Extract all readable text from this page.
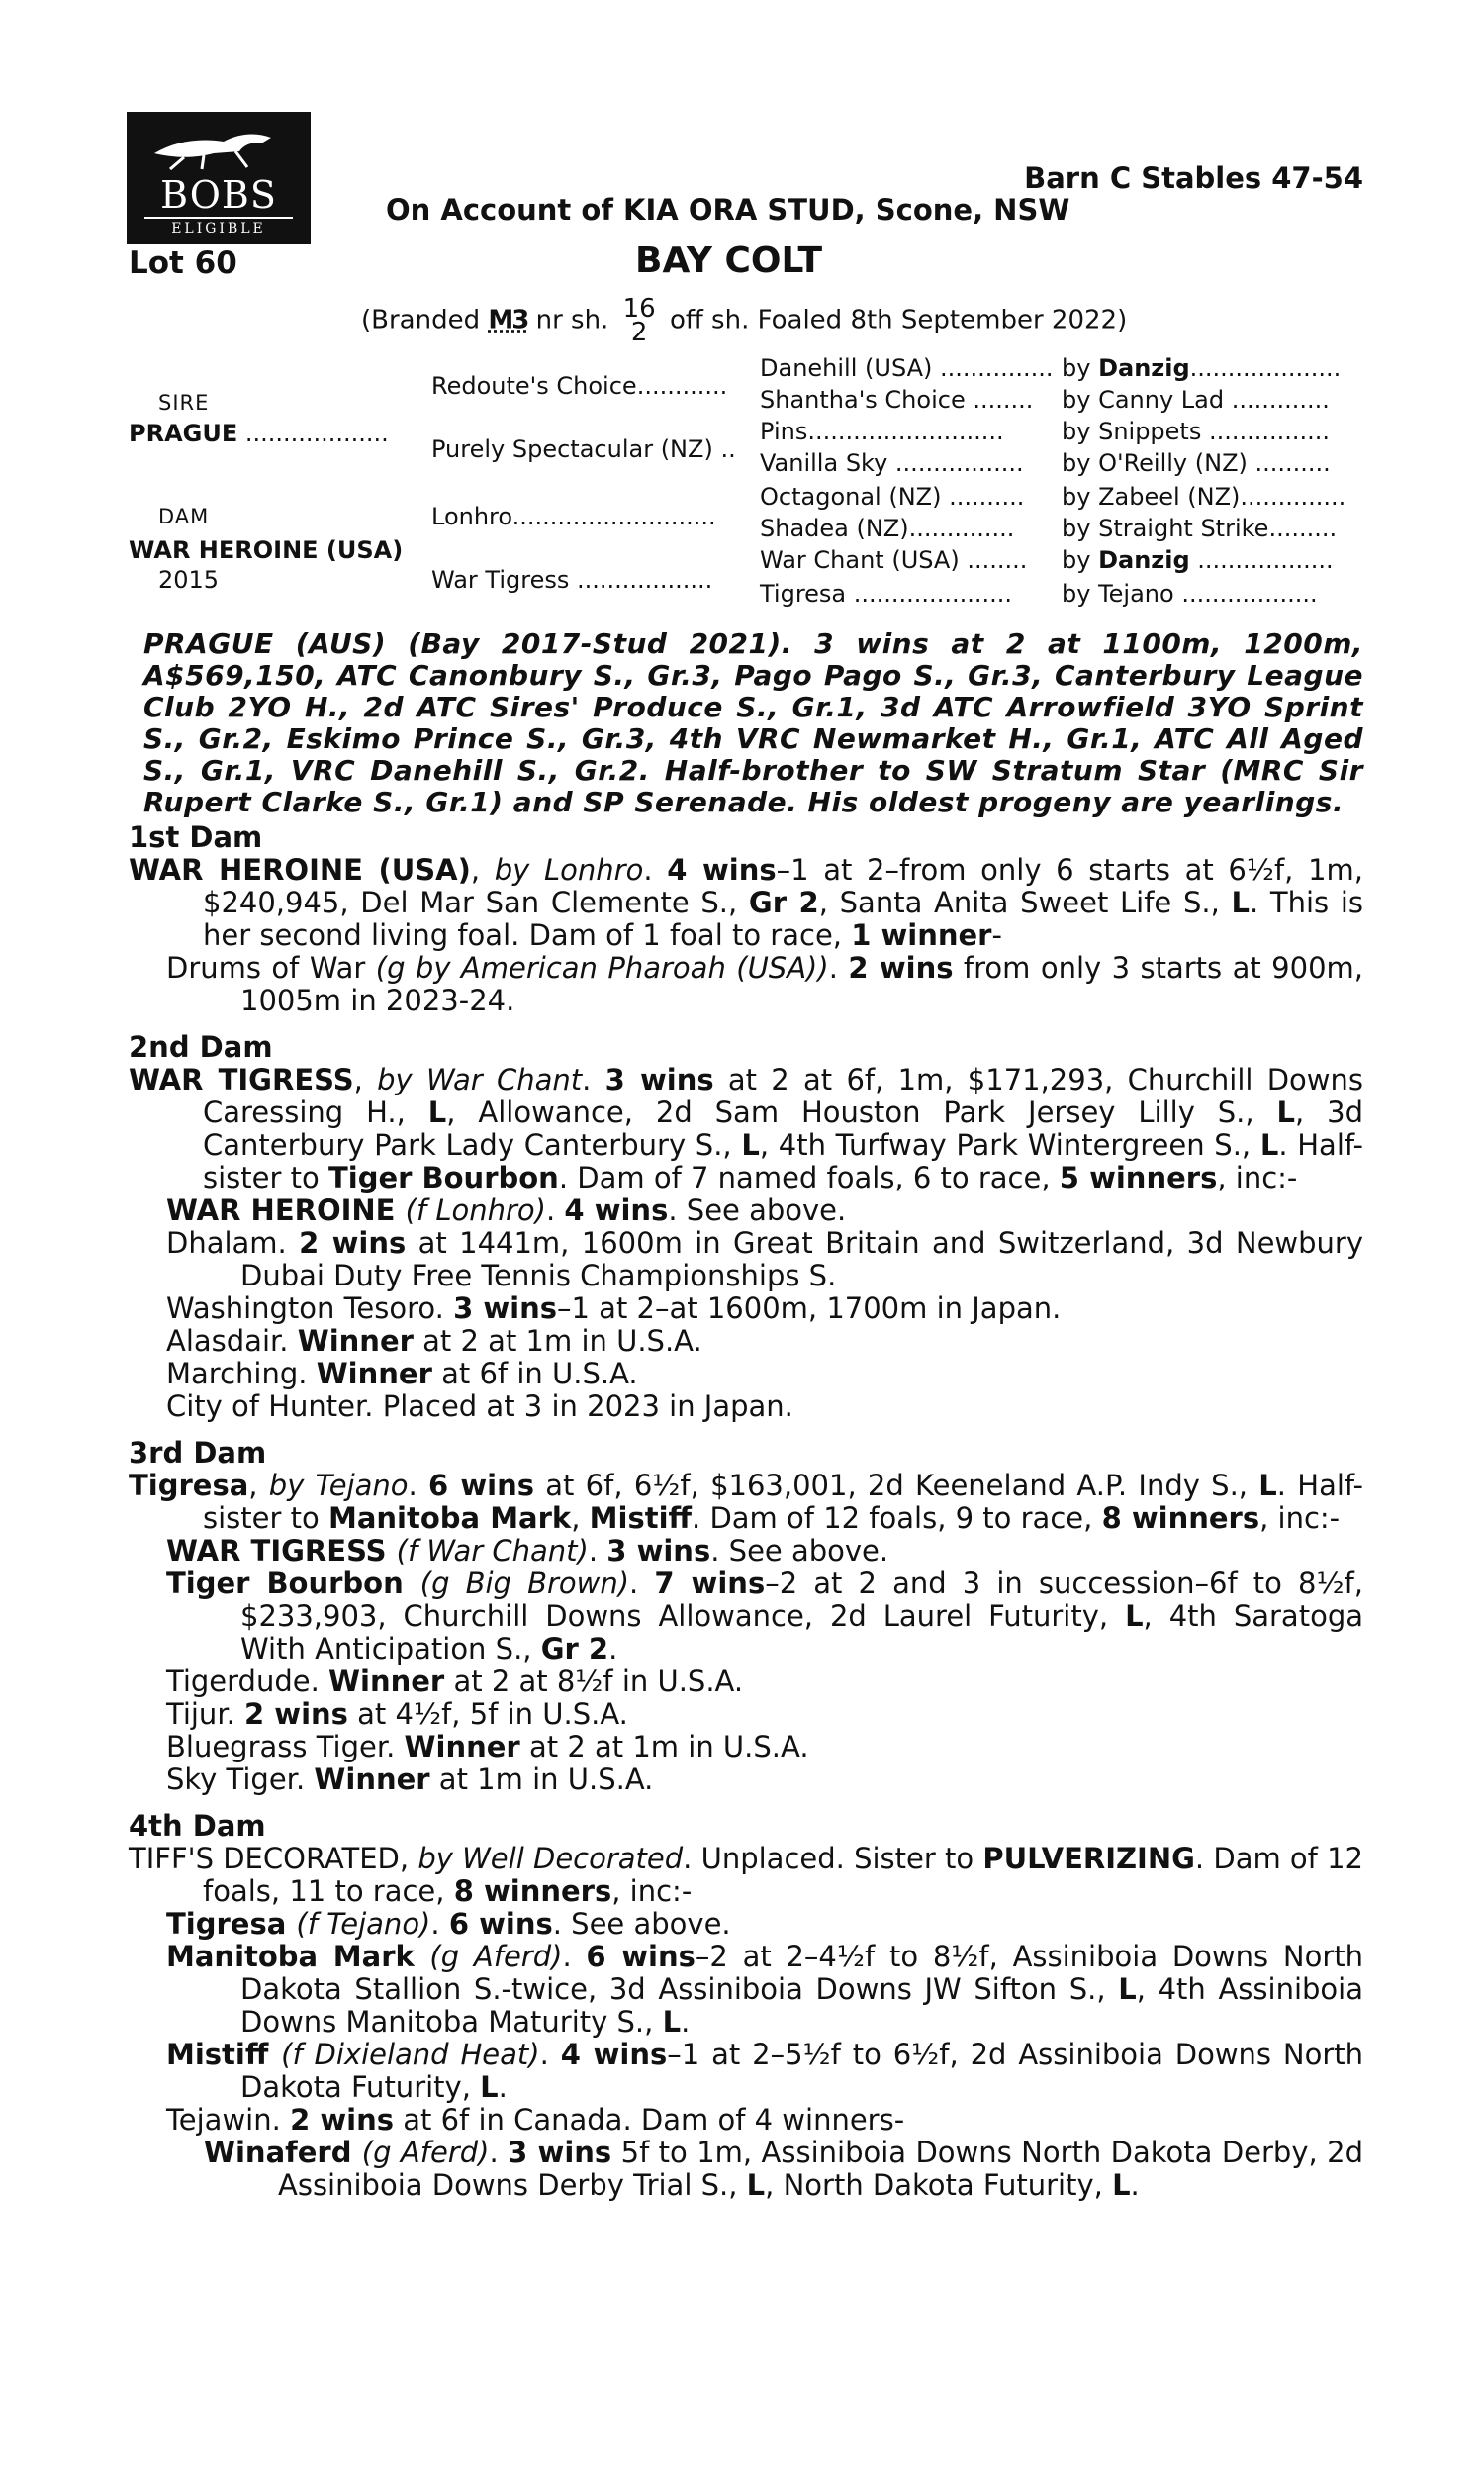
BOBS
ELIGIBLE
Barn C Stables 47-54
On Account of KIA ORA STUD, Scone, NSW
Lot 60	BAY COLT
(Branded M3 nr sh. 16
2 off sh. Foaled 8th September 2022)
SIRE
PRAGUE ...................
DAM
WAR HEROINE (USA)
2015
Redoute's Choice............
Purely Spectacular (NZ) ..
Lonhro...........................
War Tigress ..................
Danehill (USA) ...............
Shantha's Choice ........
Pins..........................
Vanilla Sky .................
Octagonal (NZ) ..........
Shadea (NZ)..............
War Chant (USA) ........
Tigresa .....................
by Danzig....................
by Canny Lad .............
by Snippets ................
by O'Reilly (NZ) ..........
by Zabeel (NZ)..............
by Straight Strike.........
by Danzig ..................
by Tejano ..................
PRAGUE (AUS) (Bay 2017-Stud 2021). 3 wins at 2 at 1100m, 1200m, A$569,150, ATC Canonbury S., Gr.3, Pago Pago S., Gr.3, Canterbury League Club 2YO H., 2d ATC Sires' Produce S., Gr.1, 3d ATC Arrowfield 3YO Sprint S., Gr.2, Eskimo Prince S., Gr.3, 4th VRC Newmarket H., Gr.1, ATC All Aged S., Gr.1, VRC Danehill S., Gr.2. Half-brother to SW Stratum Star (MRC Sir Rupert Clarke S., Gr.1) and SP Serenade. His oldest progeny are yearlings.
1st Dam
WAR HEROINE (USA), by Lonhro. 4 wins–1 at 2–from only 6 starts at 6½f, 1m, $240,945, Del Mar San Clemente S., Gr 2, Santa Anita Sweet Life S., L. This is her second living foal. Dam of 1 foal to race, 1 winner-
Drums of War (g by American Pharoah (USA)). 2 wins from only 3 starts at 900m, 1005m in 2023-24.
2nd Dam
WAR TIGRESS, by War Chant. 3 wins at 2 at 6f, 1m, $171,293, Churchill Downs Caressing H., L, Allowance, 2d Sam Houston Park Jersey Lilly S., L, 3d Canterbury Park Lady Canterbury S., L, 4th Turfway Park Wintergreen S., L. Half-sister to Tiger Bourbon. Dam of 7 named foals, 6 to race, 5 winners, inc:-
WAR HEROINE (f Lonhro). 4 wins. See above.
Dhalam. 2 wins at 1441m, 1600m in Great Britain and Switzerland, 3d Newbury Dubai Duty Free Tennis Championships S.
Washington Tesoro. 3 wins–1 at 2–at 1600m, 1700m in Japan.
Alasdair. Winner at 2 at 1m in U.S.A.
Marching. Winner at 6f in U.S.A.
City of Hunter. Placed at 3 in 2023 in Japan.
3rd Dam
Tigresa, by Tejano. 6 wins at 6f, 6½f, $163,001, 2d Keeneland A.P. Indy S., L. Half-sister to Manitoba Mark, Mistiff. Dam of 12 foals, 9 to race, 8 winners, inc:-
WAR TIGRESS (f War Chant). 3 wins. See above.
Tiger Bourbon (g Big Brown). 7 wins–2 at 2 and 3 in succession–6f to 8½f, $233,903, Churchill Downs Allowance, 2d Laurel Futurity, L, 4th Saratoga With Anticipation S., Gr 2.
Tigerdude. Winner at 2 at 8½f in U.S.A.
Tijur. 2 wins at 4½f, 5f in U.S.A.
Bluegrass Tiger. Winner at 2 at 1m in U.S.A.
Sky Tiger. Winner at 1m in U.S.A.
4th Dam
TIFF'S DECORATED, by Well Decorated. Unplaced. Sister to PULVERIZING. Dam of 12 foals, 11 to race, 8 winners, inc:-
Tigresa (f Tejano). 6 wins. See above.
Manitoba Mark (g Aferd). 6 wins–2 at 2–4½f to 8½f, Assiniboia Downs North Dakota Stallion S.-twice, 3d Assiniboia Downs JW Sifton S., L, 4th Assiniboia Downs Manitoba Maturity S., L.
Mistiff (f Dixieland Heat). 4 wins–1 at 2–5½f to 6½f, 2d Assiniboia Downs North Dakota Futurity, L.
Tejawin. 2 wins at 6f in Canada. Dam of 4 winners-
Winaferd (g Aferd). 3 wins 5f to 1m, Assiniboia Downs North Dakota Derby, 2d Assiniboia Downs Derby Trial S., L, North Dakota Futurity, L.
